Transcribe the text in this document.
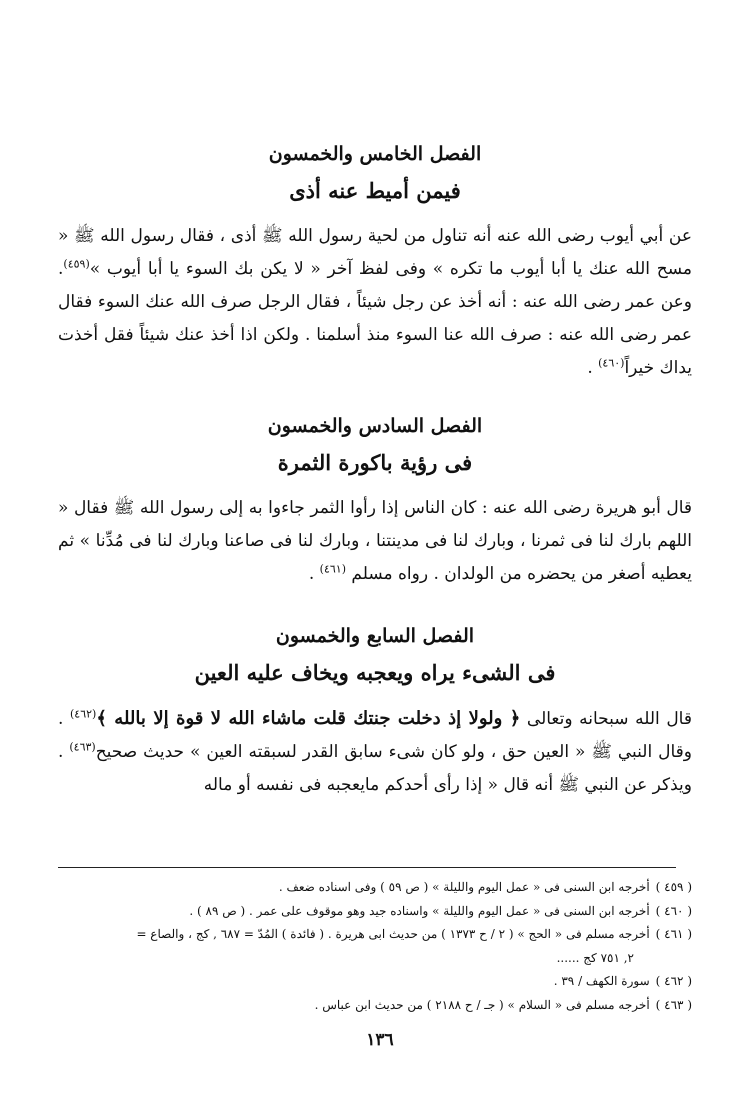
الفصل الخامس والخمسون
فيمن أميط عنه أذى

عن أبي أيوب رضى الله عنه أنه تناول من لحية رسول الله ﷺ أذى ، فقال رسول الله ﷺ « مسح الله عنك يا أبا أيوب ما تكره » وفى لفظ آخر « لا يكن بك السوء يا أبا أيوب »$^{(٤٥٩)}$. وعن عمر رضى الله عنه : أنه أخذ عن رجل شيئاً ، فقال الرجل صرف الله عنك السوء فقال عمر رضى الله عنه : صرف الله عنا السوء منذ أسلمنا . ولكن اذا أخذ عنك شيئاً فقل أخذت يداك خيراً$^{(٤٦٠)}$ .

الفصل السادس والخمسون
فى رؤية باكورة الثمرة

قال أبو هريرة رضى الله عنه : كان الناس إذا رأوا الثمر جاءوا به إلى رسول الله ﷺ فقال « اللهم بارك لنا فى ثمرنا ، وبارك لنا فى مدينتنا ، وبارك لنا فى صاعنا وبارك لنا فى مُدِّنا » ثم يعطيه أصغر من يحضره من الولدان . رواه مسلم $^{(٤٦١)}$ .

الفصل السابع والخمسون
فى الشىء يراه ويعجبه ويخاف عليه العين

قال الله سبحانه وتعالى ﴿ ولولا إذ دخلت جنتك قلت ماشاء الله لا قوة إلا بالله ﴾$^{(٤٦٢)}$ . وقال النبي ﷺ « العين حق ، ولو كان شىء سابق القدر لسبقته العين » حديث صحيح$^{(٤٦٣)}$ . ويذكر عن النبي ﷺ أنه قال « إذا رأى أحدكم مايعجبه فى نفسه أو ماله

( ٤٥٩ )
أخرجه ابن السنى فى « عمل اليوم والليلة » ( ص ٥٩ ) وفى اسناده ضعف .
( ٤٦٠ )
أخرجه ابن السنى فى « عمل اليوم والليلة » واسناده جيد وهو موقوف على عمر . ( ص ٨٩ ) .
( ٤٦١ )
أخرجه مسلم فى « الحج » ( ٢ / ح ١٣٧٣ ) من حديث ابى هريرة . ( فائدة ) المُدّ = ٦٨٧ , كج ، والصاع =
٢, ٧٥١ كج ......
( ٤٦٢ )
سورة الكهف / ٣٩ .
( ٤٦٣ )
أخرجه مسلم فى « السلام » ( جـ / ح ٢١٨٨ ) من حديث ابن عباس .
١٣٦
